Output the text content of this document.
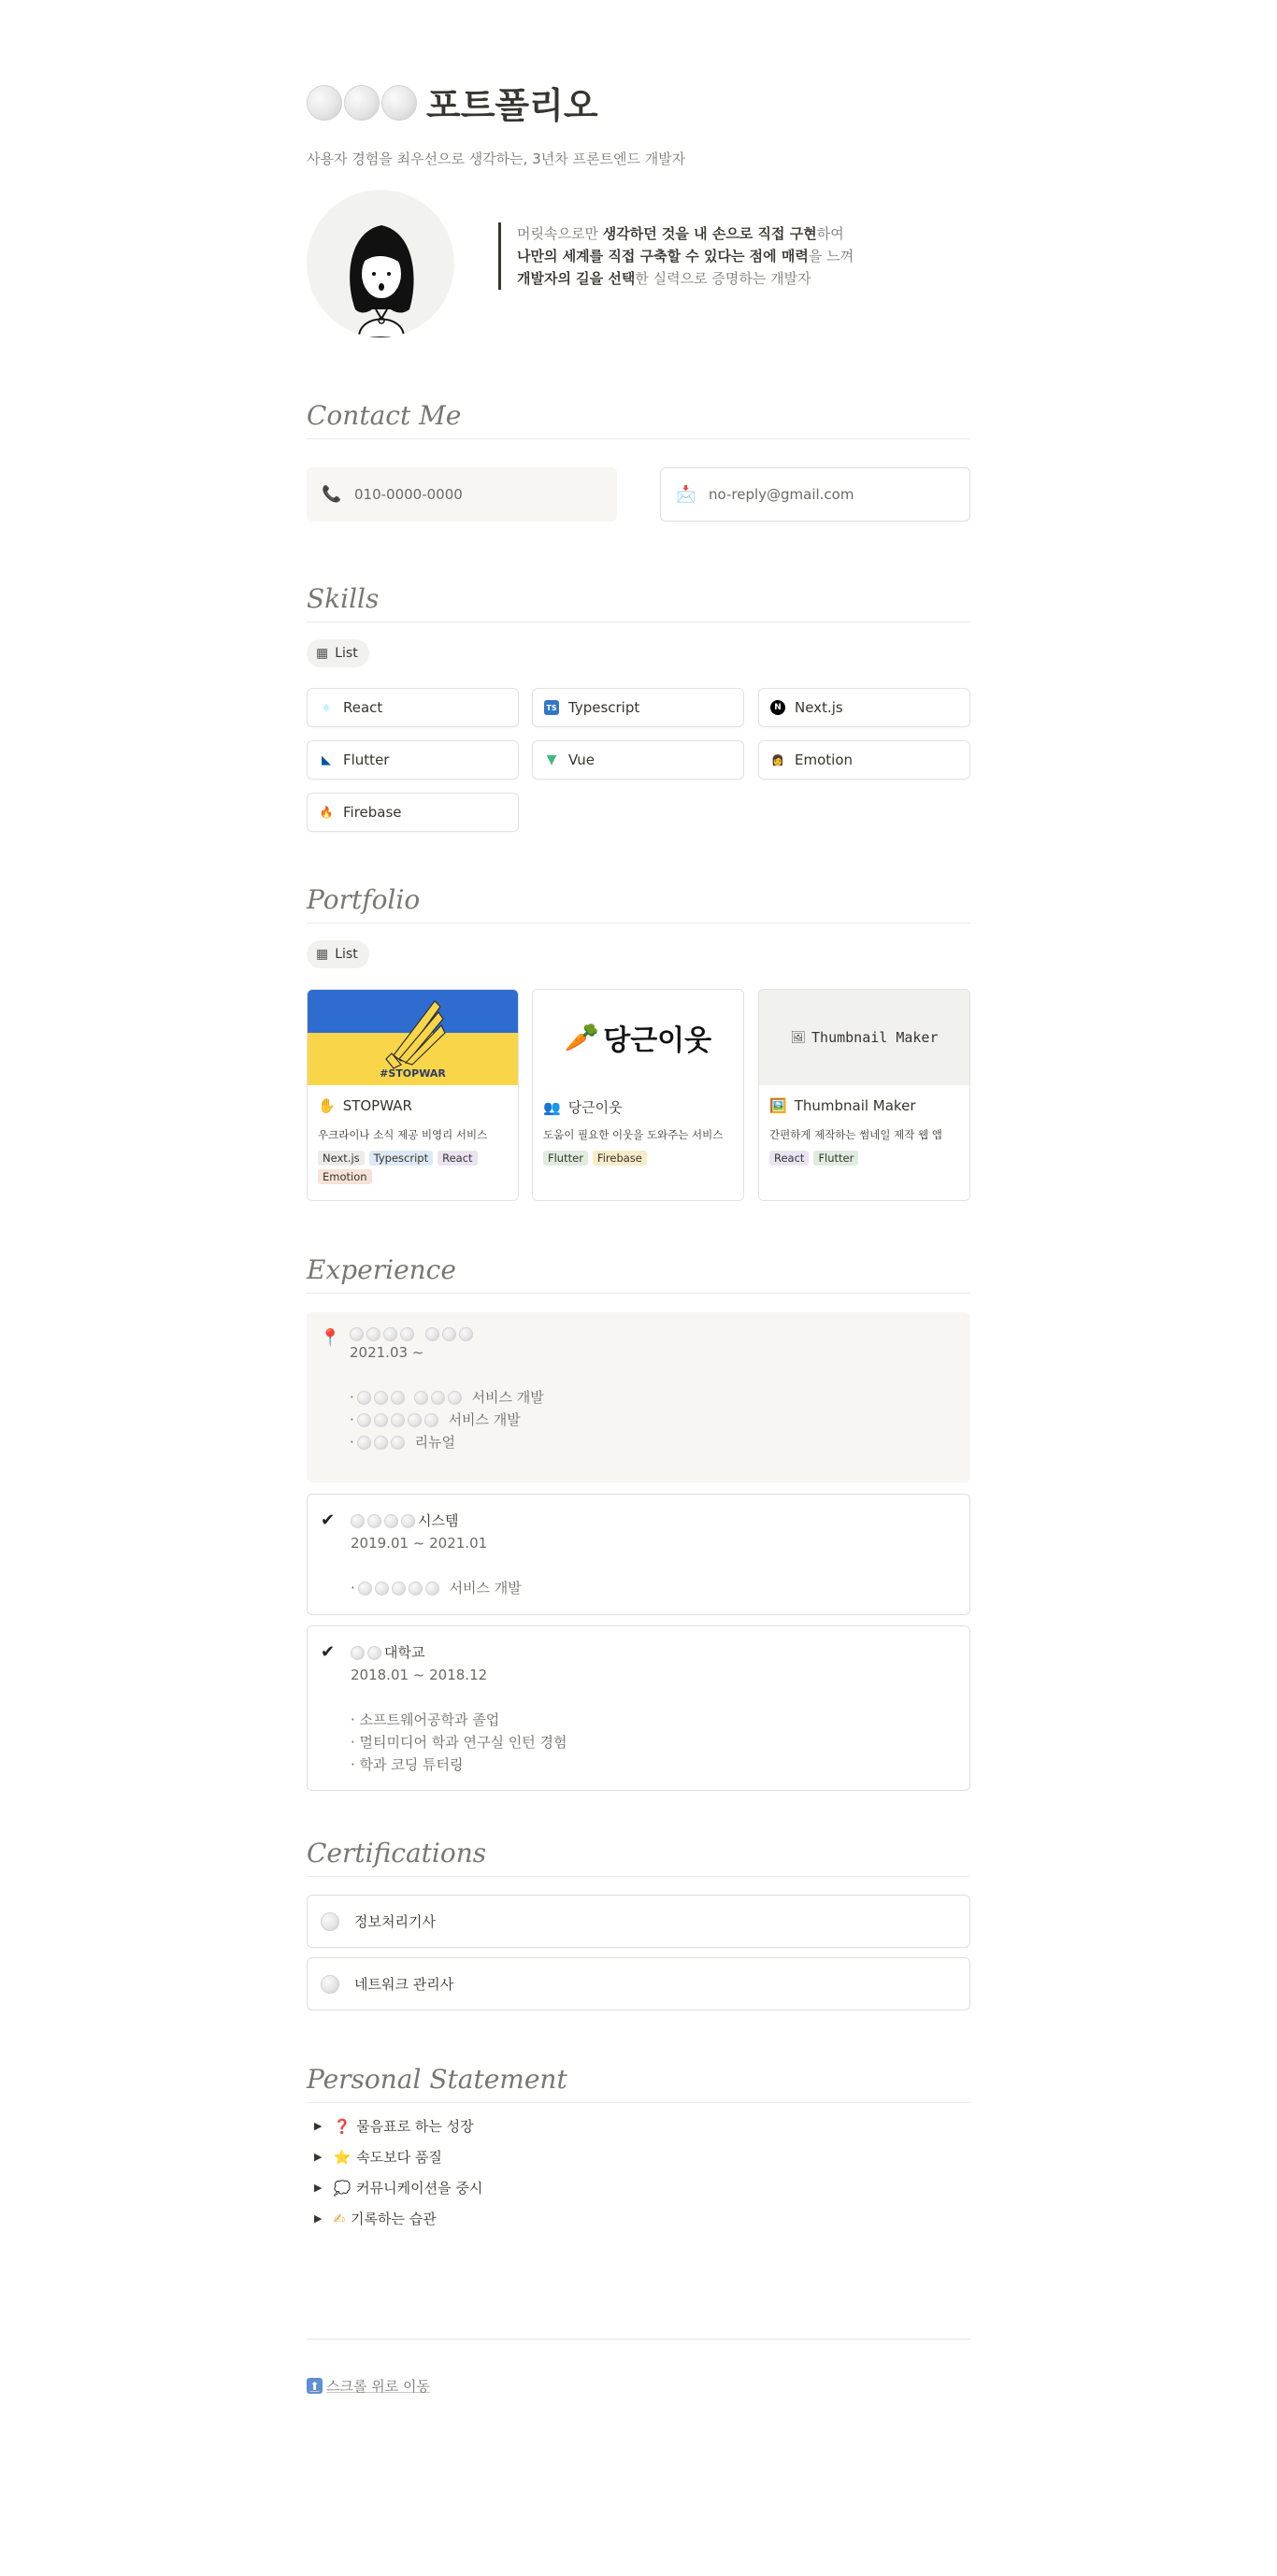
포트폴리오
사용자 경험을 최우선으로 생각하는, 3년차 프론트엔드 개발자
머릿속으로만 생각하던 것을 내 손으로 직접 구현하여
나만의 세계를 직접 구축할 수 있다는 점에 매력을 느껴
개발자의 길을 선택한 실력으로 증명하는 개발자
Contact Me
📞 010-0000-0000	📩 no-reply@gmail.com
Skills
▦ List
⚛ React	TS Typescript	N Next.js
◣ Flutter	▼ Vue	👩 Emotion
🔥 Firebase
Portfolio
▦ List
#STOPWAR
✋ STOPWAR
우크라이나 소식 제공 비영리 서비스
Next.js	Typescript	React
Emotion
🥕 당근이웃
👥 당근이웃
도움이 필요한 이웃을 도와주는 서비스
Flutter	Firebase
🖼 Thumbnail Maker
🖼️ Thumbnail Maker
간편하게 제작하는 썸네일 제작 웹 앱
React	Flutter
Experience
📍
2021.03 ~
·
	서비스 개발
·
	서비스 개발
·
	리뉴얼
✔	시스템
2019.01 ~ 2021.01
·
	서비스 개발
✔	대학교
2018.01 ~ 2018.12
· 소프트웨어공학과 졸업
· 멀티미디어 학과 연구실 인턴 경험
· 학과 코딩 튜터링
Certifications
정보처리기사
네트워크 관리사
Personal Statement
▶ ❓ 물음표로 하는 성장
▶ ⭐ 속도보다 품질
▶ 💭 커뮤니케이션을 중시
▶ ✍ 기록하는 습관
⬆ 스크롤 위로 이동
